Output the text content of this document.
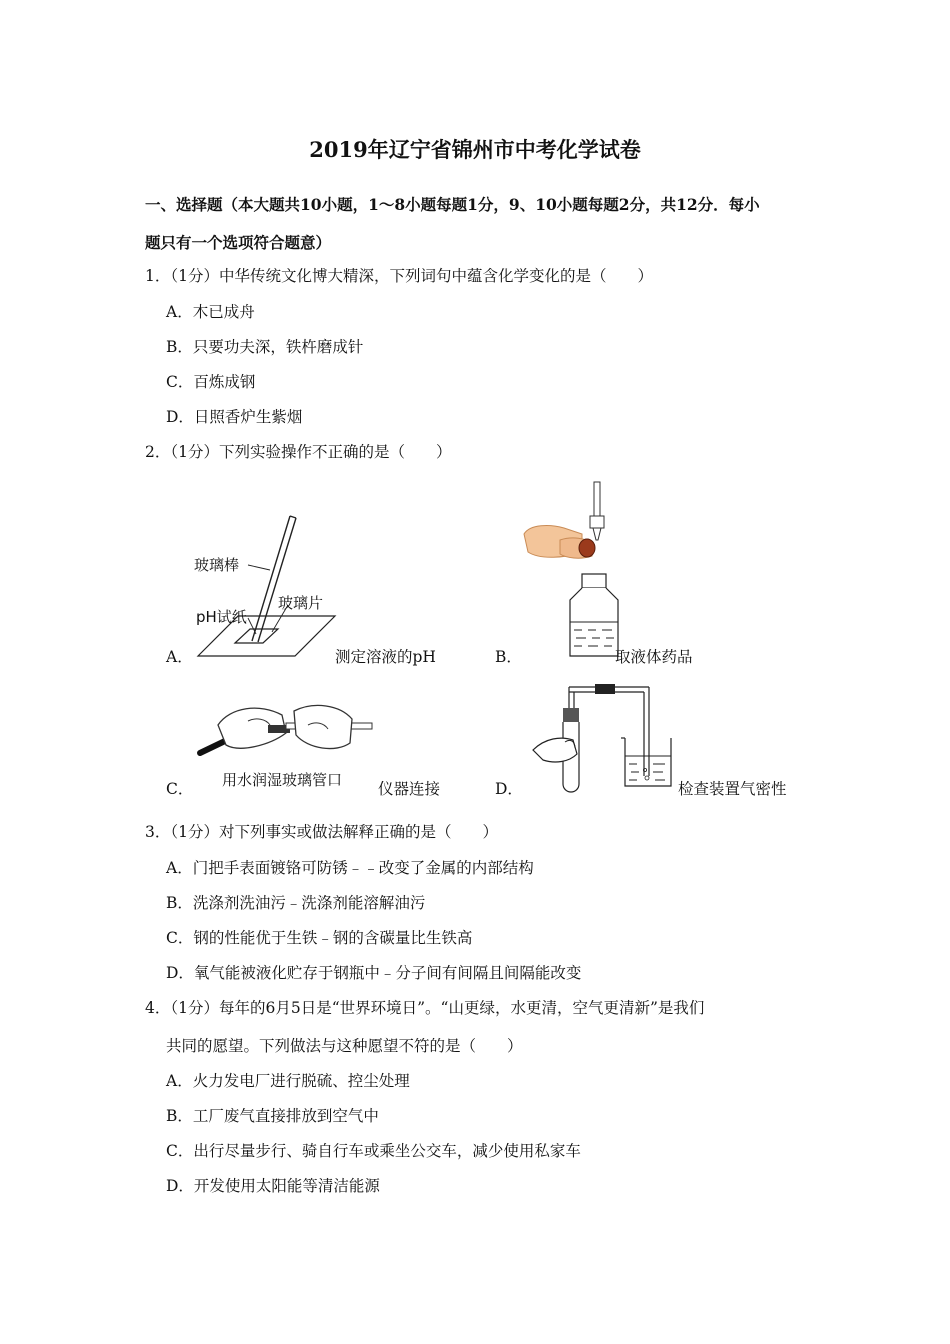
2019年辽宁省锦州市中考化学试卷
一、选择题（本大题共10小题，1～8小题每题1分，9、10小题每题2分，共12分．每小
题只有一个选项符合题意）
1．（1分）中华传统文化博大精深，下列词句中蕴含化学变化的是（　　）
A．木已成舟
B．只要功夫深，铁杵磨成针
C．百炼成钢
D．日照香炉生紫烟
2．（1分）下列实验操作不正确的是（　　）
A．
玻璃棒
pH试纸
玻璃片
测定溶液的pH	B．	取液体药品
C． 用水润湿玻璃管口 仪器连接	D．	检查装置气密性
3．（1分）对下列事实或做法解释正确的是（　　）
A．门把手表面镀铬可防锈﹣﹣改变了金属的内部结构
B．洗涤剂洗油污﹣洗涤剂能溶解油污
C．钢的性能优于生铁﹣钢的含碳量比生铁高
D．氧气能被液化贮存于钢瓶中﹣分子间有间隔且间隔能改变
4．（1分）每年的6月5日是“世界环境日”。“山更绿，水更清，空气更清新”是我们
共同的愿望。下列做法与这种愿望不符的是（　　）
A．火力发电厂进行脱硫、控尘处理
B．工厂废气直接排放到空气中
C．出行尽量步行、骑自行车或乘坐公交车，减少使用私家车
D．开发使用太阳能等清洁能源
